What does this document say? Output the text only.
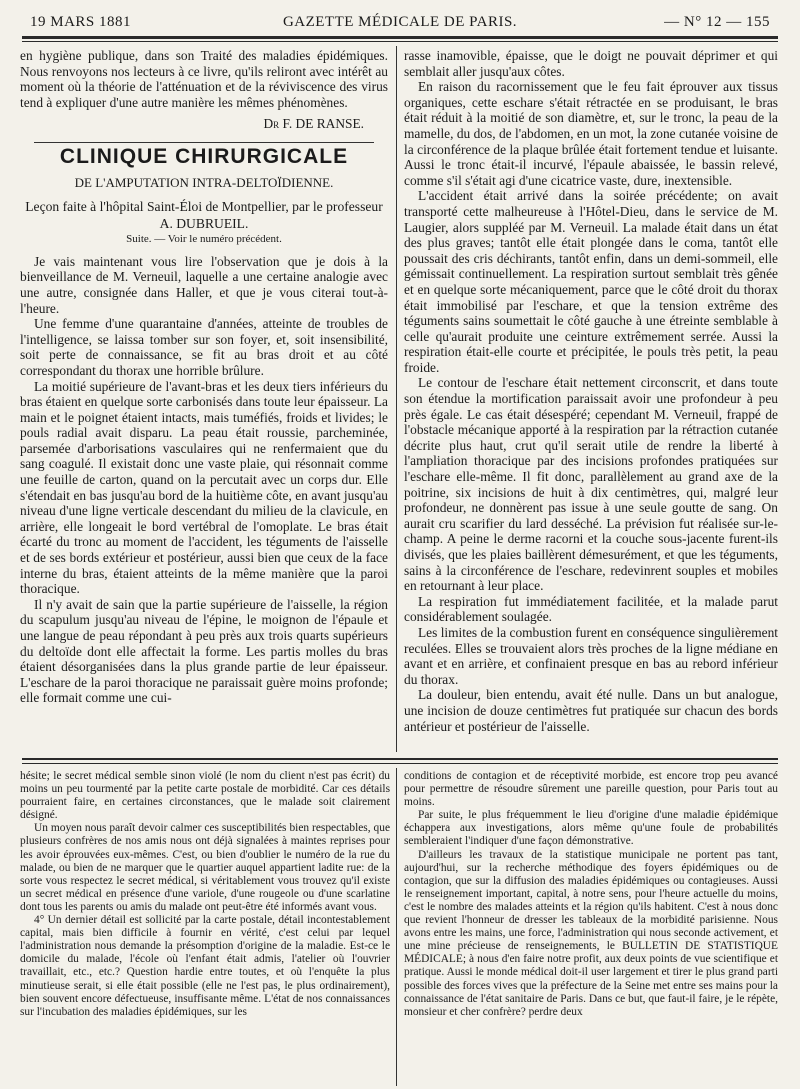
19 MARS 1881	GAZETTE MÉDICALE DE PARIS.	— N° 12 — 155

en hygiène publique, dans son Traité des maladies épidémiques. Nous renvoyons nos lecteurs à ce livre, qu'ils reliront avec intérêt au moment où la théorie de l'atténuation et de la réviviscence des virus tend à expliquer d'une autre manière les mêmes phénomènes.

Dr F. DE RANSE.

CLINIQUE CHIRURGICALE

DE L'AMPUTATION INTRA-DELTOÏDIENNE.

Leçon faite à l'hôpital Saint-Éloi de Montpellier, par le professeur A. DUBRUEIL.

Suite. — Voir le numéro précédent.

Je vais maintenant vous lire l'observation que je dois à la bienveillance de M. Verneuil, laquelle a une certaine analogie avec une autre, consignée dans Haller, et que je vous citerai tout-à-l'heure.

Une femme d'une quarantaine d'années, atteinte de troubles de l'intelligence, se laissa tomber sur son foyer, et, soit insensibilité, soit perte de connaissance, se fit au bras droit et au côté correspondant du thorax une horrible brûlure.

La moitié supérieure de l'avant-bras et les deux tiers inférieurs du bras étaient en quelque sorte carbonisés dans toute leur épaisseur. La main et le poignet étaient intacts, mais tuméfiés, froids et livides; le pouls radial avait disparu. La peau était roussie, parcheminée, parsemée d'arborisations vasculaires qui ne renfermaient que du sang coagulé. Il existait donc une vaste plaie, qui résonnait comme une feuille de carton, quand on la percutait avec un corps dur. Elle s'étendait en bas jusqu'au bord de la huitième côte, en avant jusqu'au niveau d'une ligne verticale descendant du milieu de la clavicule, en arrière, elle longeait le bord vertébral de l'omoplate. Le bras était écarté du tronc au moment de l'accident, les téguments de l'aisselle et de ses bords extérieur et postérieur, aussi bien que ceux de la face interne du bras, étaient atteints de la même manière que la paroi thoracique.

Il n'y avait de sain que la partie supérieure de l'aisselle, la région du scapulum jusqu'au niveau de l'épine, le moignon de l'épaule et une langue de peau répondant à peu près aux trois quarts supérieurs du deltoïde dont elle affectait la forme. Les partis molles du bras étaient désorganisées dans la plus grande partie de leur épaisseur. L'eschare de la paroi thoracique ne paraissait guère moins profonde; elle formait comme une cui-

rasse inamovible, épaisse, que le doigt ne pouvait déprimer et qui semblait aller jusqu'aux côtes.

En raison du racornissement que le feu fait éprouver aux tissus organiques, cette eschare s'était rétractée en se produisant, le bras était réduit à la moitié de son diamètre, et, sur le tronc, la peau de la mamelle, du dos, de l'abdomen, en un mot, la zone cutanée voisine de la circonférence de la plaque brûlée était fortement tendue et luisante. Aussi le tronc était-il incurvé, l'épaule abaissée, le bassin relevé, comme s'il s'était agi d'une cicatrice vaste, dure, inextensible.

L'accident était arrivé dans la soirée précédente; on avait transporté cette malheureuse à l'Hôtel-Dieu, dans le service de M. Laugier, alors suppléé par M. Verneuil. La malade était dans un état des plus graves; tantôt elle était plongée dans le coma, tantôt elle poussait des cris déchirants, tantôt enfin, dans un demi-sommeil, elle gémissait continuellement. La respiration surtout semblait très gênée et en quelque sorte mécaniquement, parce que le côté droit du thorax était immobilisé par l'eschare, et que la tension extrême des téguments sains soumettait le côté gauche à une étreinte semblable à celle qu'aurait produite une ceinture extrêmement serrée. Aussi la respiration était-elle courte et précipitée, le pouls très petit, la peau froide.

Le contour de l'eschare était nettement circonscrit, et dans toute son étendue la mortification paraissait avoir une profondeur à peu près égale. Le cas était désespéré; cependant M. Verneuil, frappé de l'obstacle mécanique apporté à la respiration par la rétraction cutanée décrite plus haut, crut qu'il serait utile de rendre la liberté à l'ampliation thoracique par des incisions profondes pratiquées sur l'eschare elle-même. Il fit donc, parallèlement au grand axe de la poitrine, six incisions de huit à dix centimètres, qui, malgré leur profondeur, ne donnèrent pas issue à une seule goutte de sang. On aurait cru scarifier du lard desséché. La prévision fut réalisée sur-le-champ. A peine le derme racorni et la couche sous-jacente furent-ils divisés, que les plaies baillèrent démesurément, et que les téguments, sains à la circonférence de l'eschare, redevinrent souples et mobiles en retournant à leur place.

La respiration fut immédiatement facilitée, et la malade parut considérablement soulagée.

Les limites de la combustion furent en conséquence singulièrement reculées. Elles se trouvaient alors très proches de la ligne médiane en avant et en arrière, et confinaient presque en bas au rebord inférieur du thorax.

La douleur, bien entendu, avait été nulle. Dans un but analogue, une incision de douze centimètres fut pratiquée sur chacun des bords antérieur et postérieur de l'aisselle.

hésite; le secret médical semble sinon violé (le nom du client n'est pas écrit) du moins un peu tourmenté par la petite carte postale de morbidité. Car ces détails pourraient faire, en certaines circonstances, que le malade soit clairement désigné.

Un moyen nous paraît devoir calmer ces susceptibilités bien respectables, que plusieurs confrères de nos amis nous ont déjà signalées à maintes reprises pour les avoir éprouvées eux-mêmes. C'est, ou bien d'oublier le numéro de la rue du malade, ou bien de ne marquer que le quartier auquel appartient ladite rue: de la sorte vous respectez le secret médical, si véritablement vous trouvez qu'il existe un secret médical en présence d'une variole, d'une rougeole ou d'une scarlatine dont tous les parents ou amis du malade ont peut-être été informés avant vous.

4° Un dernier détail est sollicité par la carte postale, détail incontestablement capital, mais bien difficile à fournir en vérité, c'est celui par lequel l'administration nous demande la présomption d'origine de la maladie. Est-ce le domicile du malade, l'école où l'enfant était admis, l'atelier où l'ouvrier travaillait, etc., etc.? Question hardie entre toutes, et où l'enquête la plus minutieuse serait, si elle était possible (elle ne l'est pas, le plus ordinairement), bien souvent encore défectueuse, insuffisante même. L'état de nos connaissances sur l'incubation des maladies épidémiques, sur les

conditions de contagion et de réceptivité morbide, est encore trop peu avancé pour permettre de résoudre sûrement une pareille question, pour Paris tout au moins.

Par suite, le plus fréquemment le lieu d'origine d'une maladie épidémique échappera aux investigations, alors même qu'une foule de probabilités sembleraient l'indiquer d'une façon démonstrative.

D'ailleurs les travaux de la statistique municipale ne portent pas tant, aujourd'hui, sur la recherche méthodique des foyers épidémiques ou de contagion, que sur la diffusion des maladies épidémiques ou contagieuses. Aussi le renseignement important, capital, à notre sens, pour l'heure actuelle du moins, c'est le nombre des malades atteints et la région qu'ils habitent. C'est à nous donc que revient l'honneur de dresser les tableaux de la morbidité parisienne. Nous avons entre les mains, une force, l'administration qui nous seconde activement, et une mine précieuse de renseignements, le BULLETIN DE STATISTIQUE MÉDICALE; à nous d'en faire notre profit, aux deux points de vue scientifique et pratique. Aussi le monde médical doit-il user largement et tirer le plus grand parti possible des forces vives que la préfecture de la Seine met entre ses mains pour la connaissance de l'état sanitaire de Paris. Dans ce but, que faut-il faire, je le répète, monsieur et cher confrère? perdre deux
